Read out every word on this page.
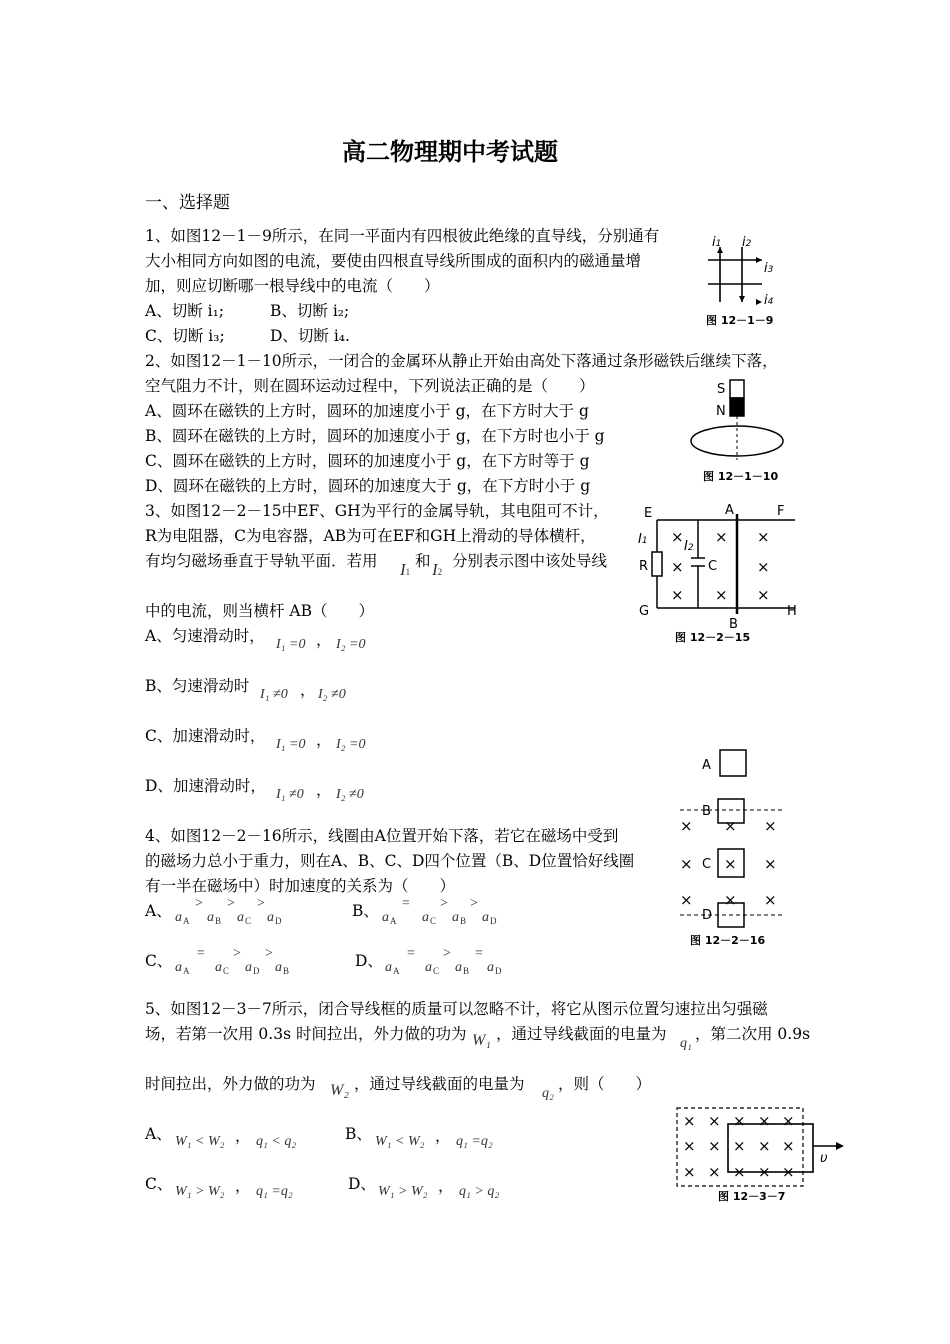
高二物理期中考试题
一、选择题
1、如图12－1－9所示，在同一平面内有四根彼此绝缘的直导线，分别通有
大小相同方向如图的电流，要使由四根直导线所围成的面积内的磁通量增
加，则应切断哪一根导线中的电流（　　）
A、切断 i₁;	B、切断 i₂;
C、切断 i₃;	D、切断 i₄.
i1 i2
i3
i4
图 12－1－9
2、如图12－1－10所示，一闭合的金属环从静止开始由高处下落通过条形磁铁后继续下落，
空气阻力不计，则在圆环运动过程中，下列说法正确的是（　　）
A、圆环在磁铁的上方时，圆环的加速度小于 g，在下方时大于 g
B、圆环在磁铁的上方时，圆环的加速度小于 g，在下方时也小于 g
C、圆环在磁铁的上方时，圆环的加速度小于 g，在下方时等于 g
D、圆环在磁铁的上方时，圆环的加速度大于 g，在下方时小于 g
S
N
图 12－1－10
3、如图12－2－15中EF、GH为平行的金属导轨，其电阻可不计，
R为电阻器，C为电容器，AB为可在EF和GH上滑动的导体横杆，
有均匀磁场垂直于导轨平面．若用 I1
和 I2
分别表示图中该处导线
中的电流，则当横杆 AB（　　）
A、匀速滑动时， I₁ =0 ， I₂ =0
B、匀速滑动时 I₁ ≠0 ， I₂ ≠0
C、加速滑动时， I₁ =0 ， I₂ =0
D、加速滑动时， I₁ ≠0 ， I₂ ≠0
E	F
G	H
A
B
R	C
I1	I2
×
×
×
×
×
×
×
×
图 12－2－15
4、如图12－2－16所示，线圈由A位置开始下落，若它在磁场中受到
的磁场力总小于重力，则在A、B、C、D四个位置（B、D位置恰好线圈
有一半在磁场中）时加速度的关系为（　　）
A、 a A
>
a B
>
a C
>
a D
B、 a A
=
a C
>
a B
>
a D
C、 a A
=
a C
>
a D
>
a B
D、 a A
=
a C
>
a B
=
a D
A
B
C
D
× × ×
× × ×
× × ×
图 12－2－16
5、如图12－3－7所示，闭合导线框的质量可以忽略不计，将它从图示位置匀速拉出匀强磁
场，若第一次用 0.3s 时间拉出，外力做的功为 W₁ ，通过导线截面的电量为
q₁
，第二次用 0.9s
时间拉出，外力做的功为 W₂ ，通过导线截面的电量为
q₂
，则（　　）
A、 W₁ < W₂ ， q₁ < q₂	B、 W₁ < W₂ ， q₁ =q₂
C、 W₁ > W₂ ， q₁ =q₂	D、 W₁ > W₂ ， q₁ > q₂
υ
× × × × ×
× × × × ×
× × × × ×
图 12－3－7
